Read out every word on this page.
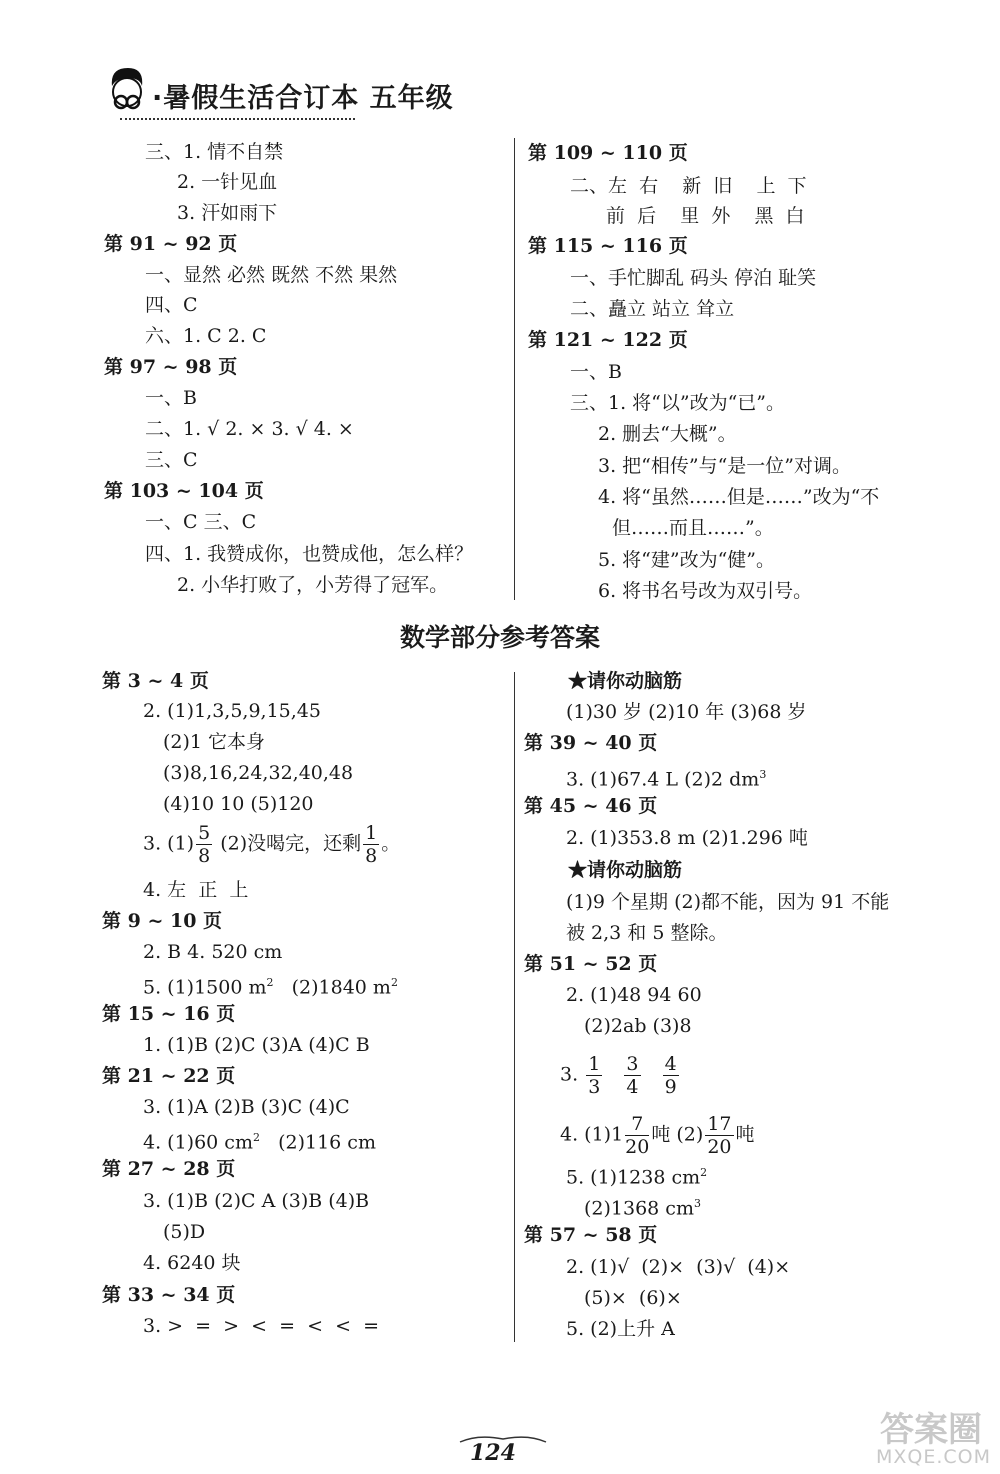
·暑假生活合订本 五年级
三、1. 情不自禁
2. 一针见血
3. 汗如雨下
第 91 ~ 92 页
一、显然 必然 既然 不然 果然
四、C
六、1. C 2. C
第 97 ~ 98 页
一、B
二、1. √ 2. × 3. √ 4. ×
三、C
第 103 ~ 104 页
一、C 三、C
四、1. 我赞成你，也赞成他，怎么样？
2. 小华打败了，小芳得了冠军。
第 109 ~ 110 页
二、左  右    新  旧    上  下
前  后    里  外    黑  白
第 115 ~ 116 页
一、手忙脚乱 码头 停泊 耻笑
二、矗立 站立 耸立
第 121 ~ 122 页
一、B
三、1. 将“以”改为“已”。
2. 删去“大概”。
3. 把“相传”与“是一位”对调。
4. 将“虽然……但是……”改为“不
但……而且……”。
5. 将“建”改为“健”。
6. 将书名号改为双引号。
数学部分参考答案
第 3 ~ 4 页
2. (1)1,3,5,9,15,45
(2)1 它本身
(3)8,16,24,32,40,48
(4)10 10 (5)120
3. $(1) \frac{5}{8} (2)$没喝完，还剩 $\frac{1}{8}$ 。
4. 左  正  上
第 9 ~ 10 页
2. B 4. 520 cm
5. (1)1500 $m^2$ (2)1840 $m^2$
第 15 ~ 16 页
1. (1)B (2)C (3)A (4)C B
第 21 ~ 22 页
3. (1)A (2)B (3)C (4)C
4. (1)60 $cm^2$ (2)116 cm
第 27 ~ 28 页
3. (1)B (2)C A (3)B (4)B
(5)D
4. 6240 块
第 33 ~ 34 页
3. >  =  >  <  =  <  <  =
★请你动脑筋
(1)30 岁 (2)10 年 (3)68 岁
第 39 ~ 40 页
3. (1)67.4 L (2)2 $dm^3$
第 45 ~ 46 页
2. (1)353.8 m (2)1.296 吨
★请你动脑筋
(1)9 个星期 (2)都不能，因为 91 不能
被 2,3 和 5 整除。
第 51 ~ 52 页
2. (1)48 94 60
(2)2ab (3)8
3. $\frac{1}{3}$
$\frac{3}{4}$
$\frac{4}{9}$
4. $(1)1 \frac{7}{20}$ 吨 $(2) \frac{17}{20}$ 吨
5. (1)1238 $cm^2$
(2)1368 $cm^3$
第 57 ~ 58 页
2. (1)√  (2)×  (3)√  (4)×
(5)×  (6)×
5. (2)上升 A
124
答案圈
MXQE.COM
